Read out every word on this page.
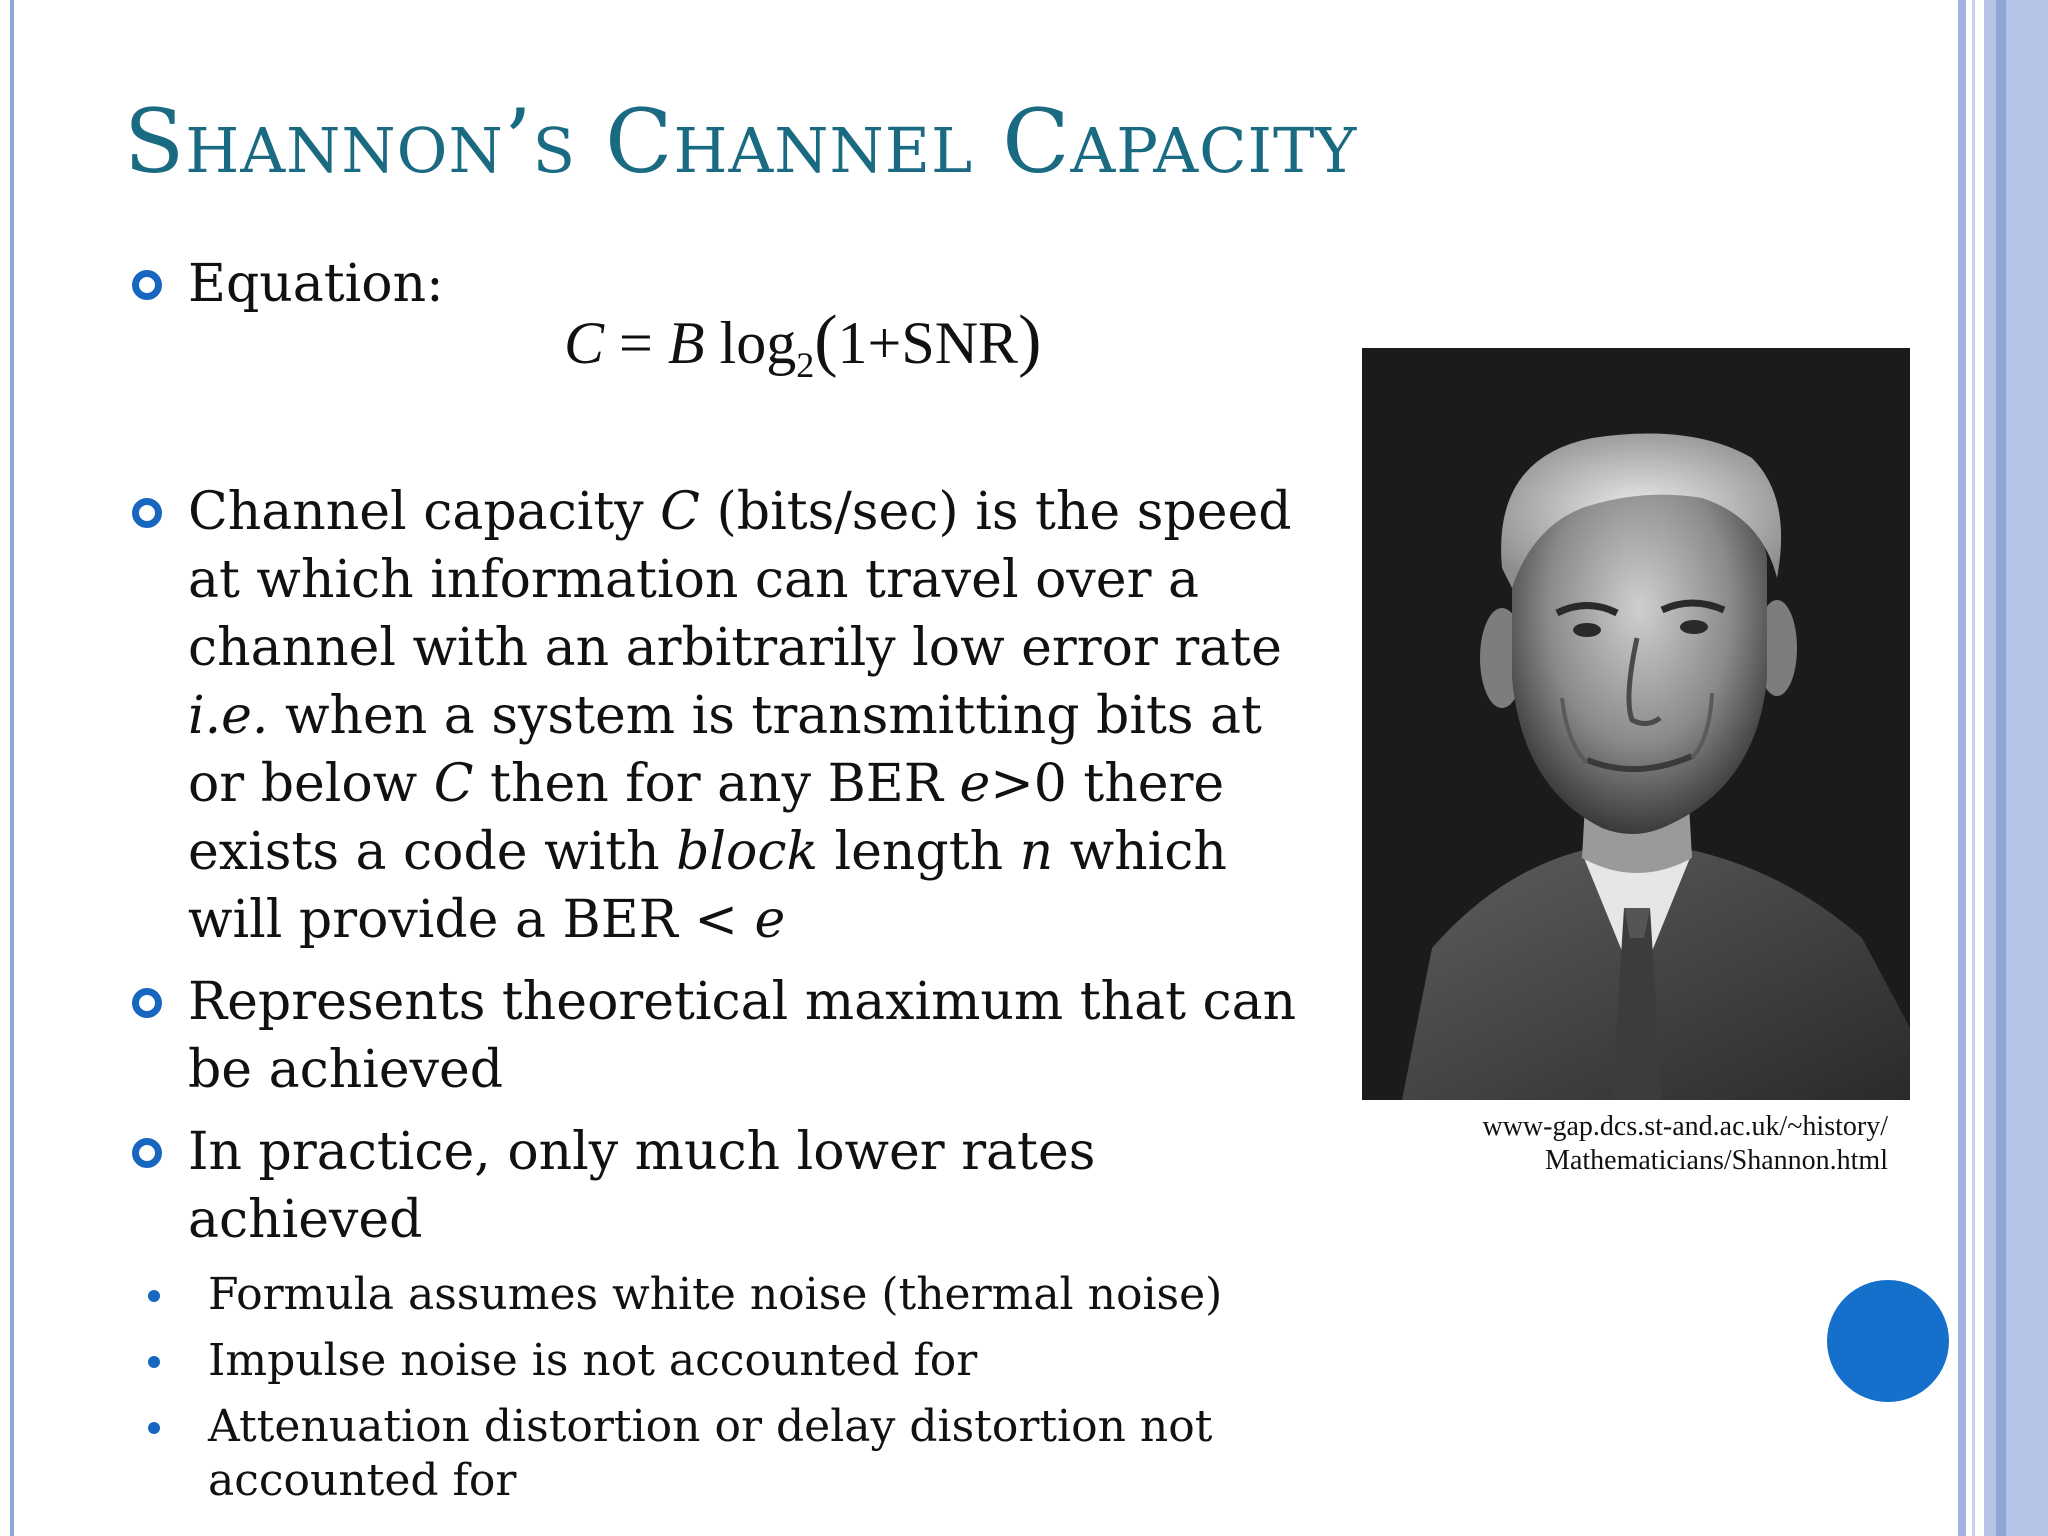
Shannon’s Channel Capacity
Equation:
C = B $\log_2(1+SNR)$
Channel capacity C (bits/sec) is the speed at which information can travel over a channel with an arbitrarily low error rate i.e. when a system is transmitting bits at or below C then for any BER e>0 there exists a code with block length n which will provide a BER < e
Represents theoretical maximum that can be achieved
In practice, only much lower rates achieved
Formula assumes white noise (thermal noise)
Impulse noise is not accounted for
Attenuation distortion or delay distortion not accounted for
www-gap.dcs.st-and.ac.uk/~history/
Mathematicians/Shannon.html
